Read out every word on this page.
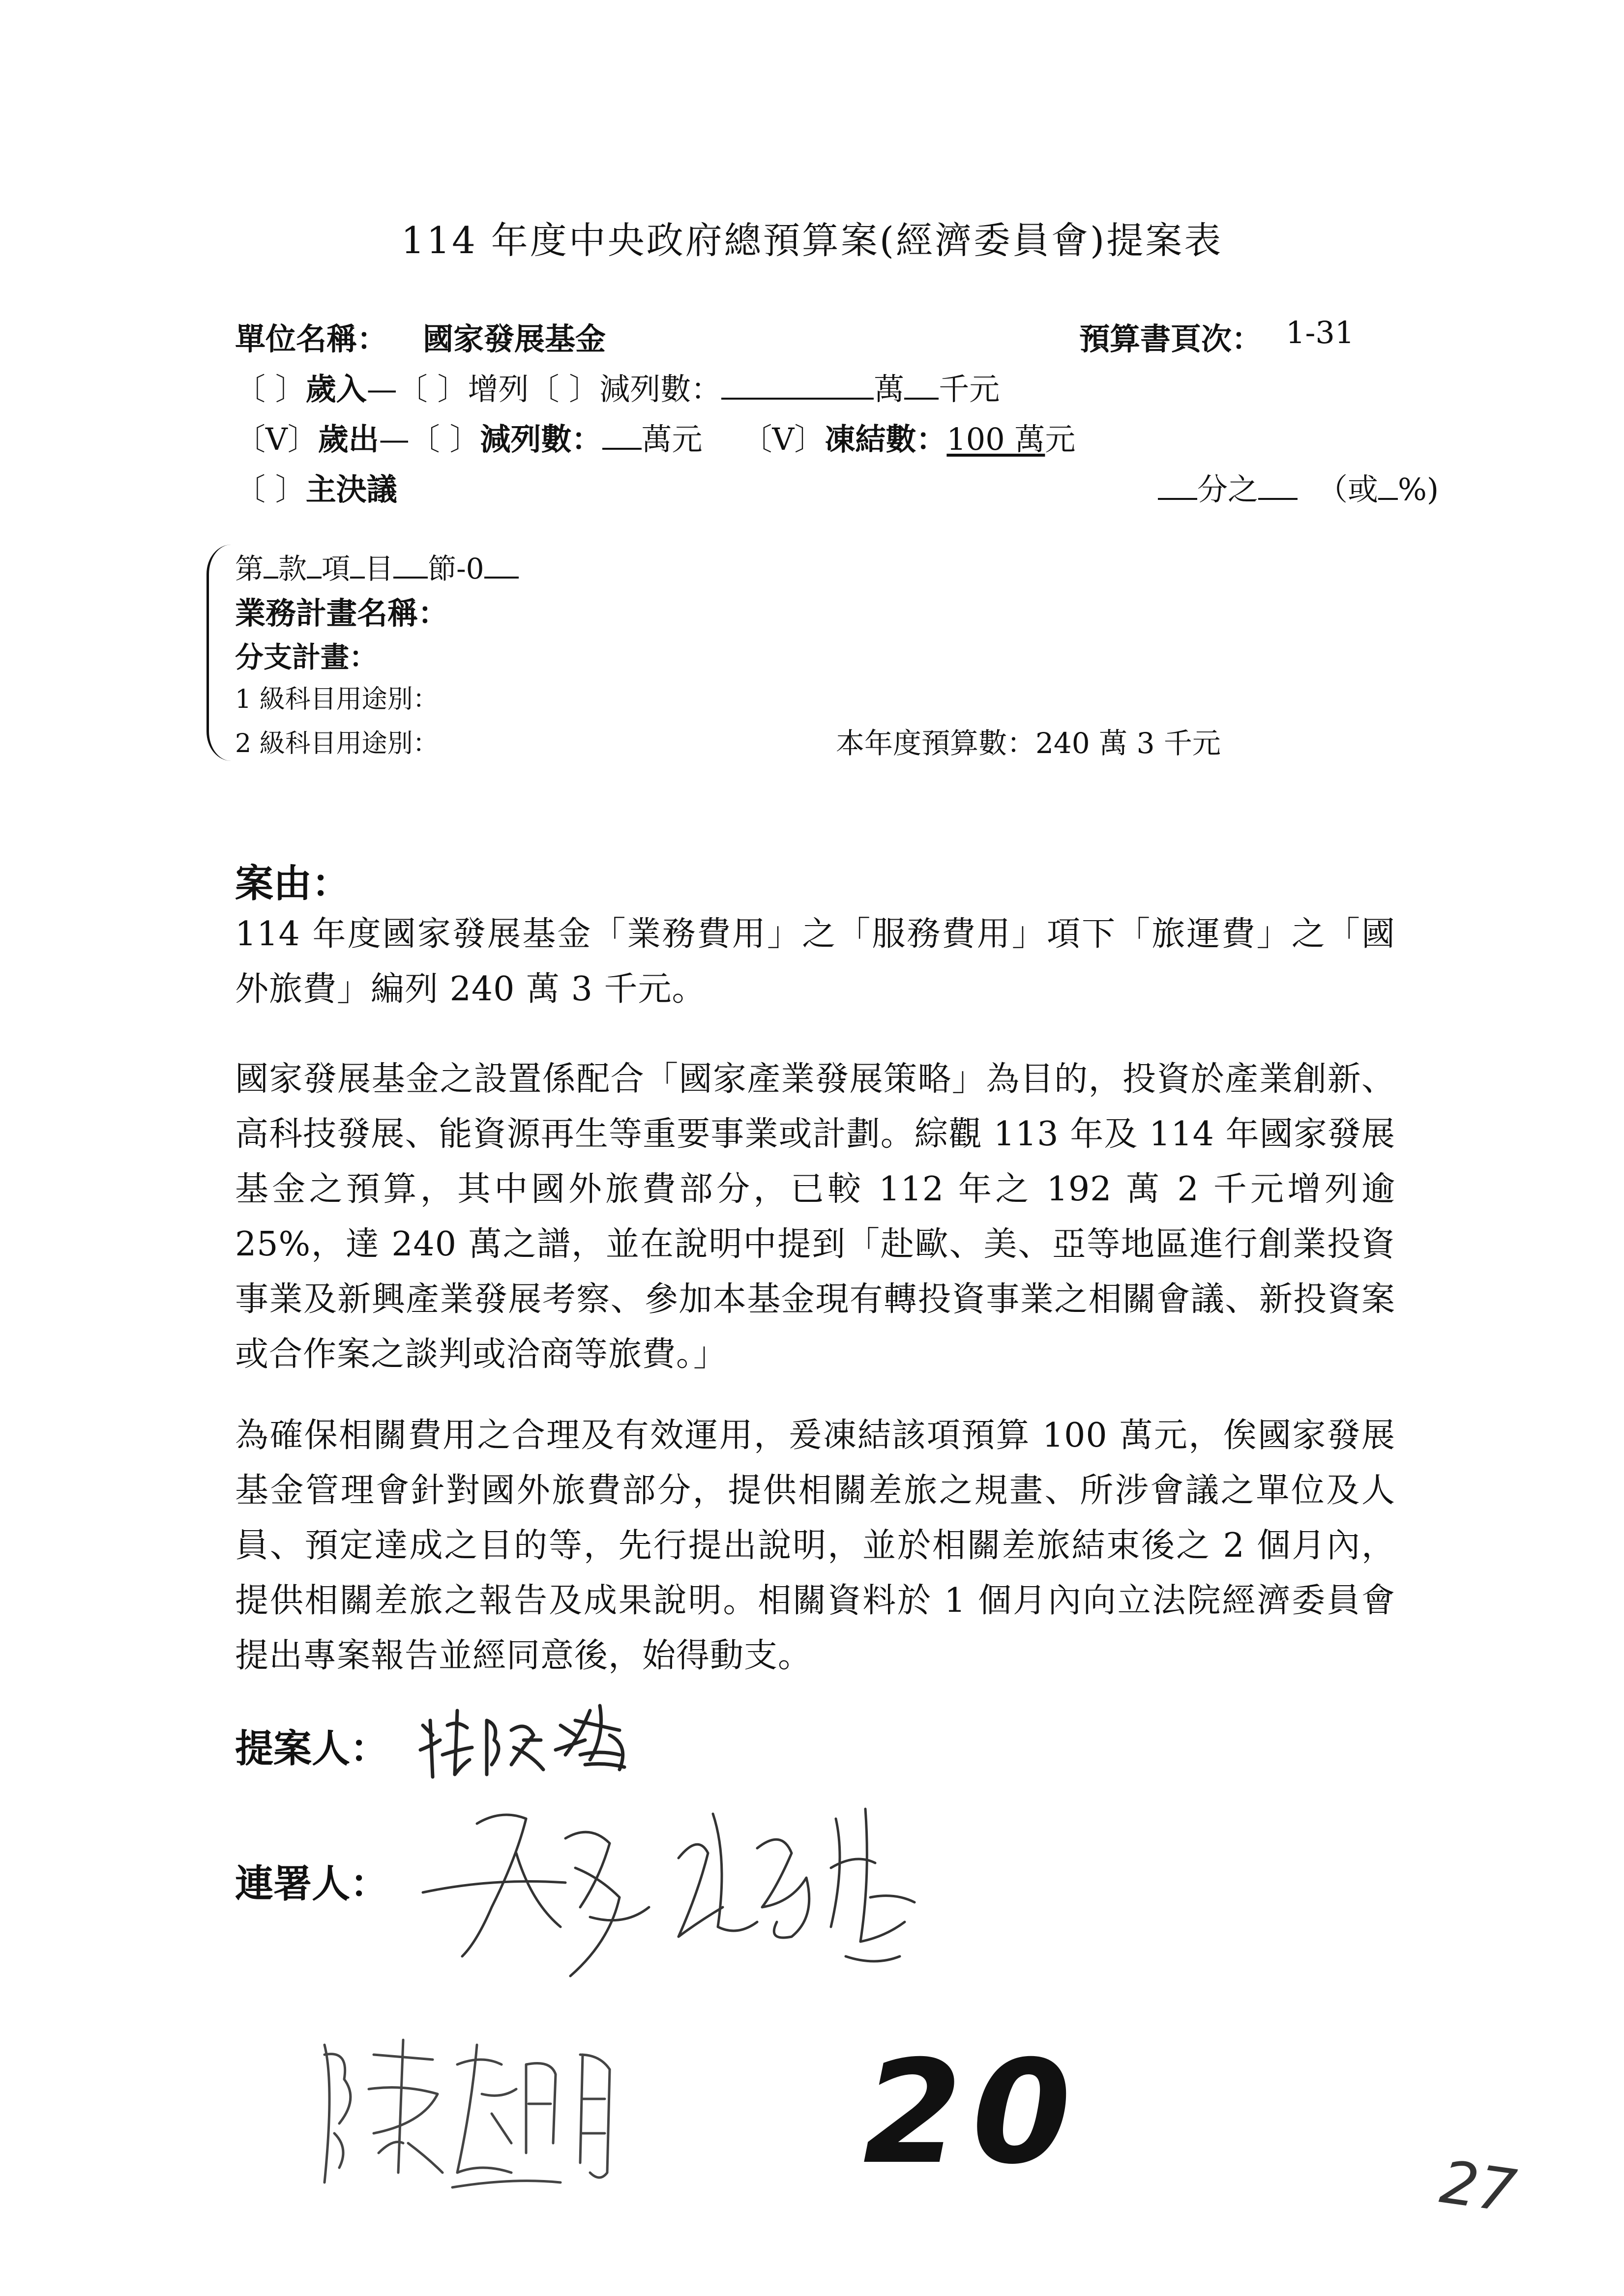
114 年度中央政府總預算案(經濟委員會)提案表
單位名稱： 國家發展基金	預算書頁次： 1-31
〔 〕歲入—〔 〕增列〔 〕減列數：	萬 千元
〔V〕歲出—〔 〕減列數： 萬元 〔V〕凍結數：100 萬元
〔 〕主決議	分之 （或 %)
第 款 項 目 節-0
業務計畫名稱：
分支計畫：
1 級科目用途別：
2 級科目用途別：	本年度預算數：240 萬 3 千元
案由：
114 年度國家發展基金「業務費用」之「服務費用」項下「旅運費」之「國外旅費」編列 240 萬 3 千元。
國家發展基金之設置係配合「國家產業發展策略」為目的，投資於產業創新、高科技發展、能資源再生等重要事業或計劃。綜觀 113 年及 114 年國家發展基金之預算，其中國外旅費部分，已較 112 年之 192 萬 2 千元增列逾 25%，達 240 萬之譜，並在說明中提到「赴歐、美、亞等地區進行創業投資事業及新興產業發展考察、參加本基金現有轉投資事業之相關會議、新投資案或合作案之談判或洽商等旅費。」
為確保相關費用之合理及有效運用，爰凍結該項預算 100 萬元，俟國家發展基金管理會針對國外旅費部分，提供相關差旅之規畫、所涉會議之單位及人員、預定達成之目的等，先行提出說明，並於相關差旅結束後之 2 個月內，提供相關差旅之報告及成果說明。相關資料於 1 個月內向立法院經濟委員會提出專案報告並經同意後，始得動支。
提案人：
連署人：
20	27
